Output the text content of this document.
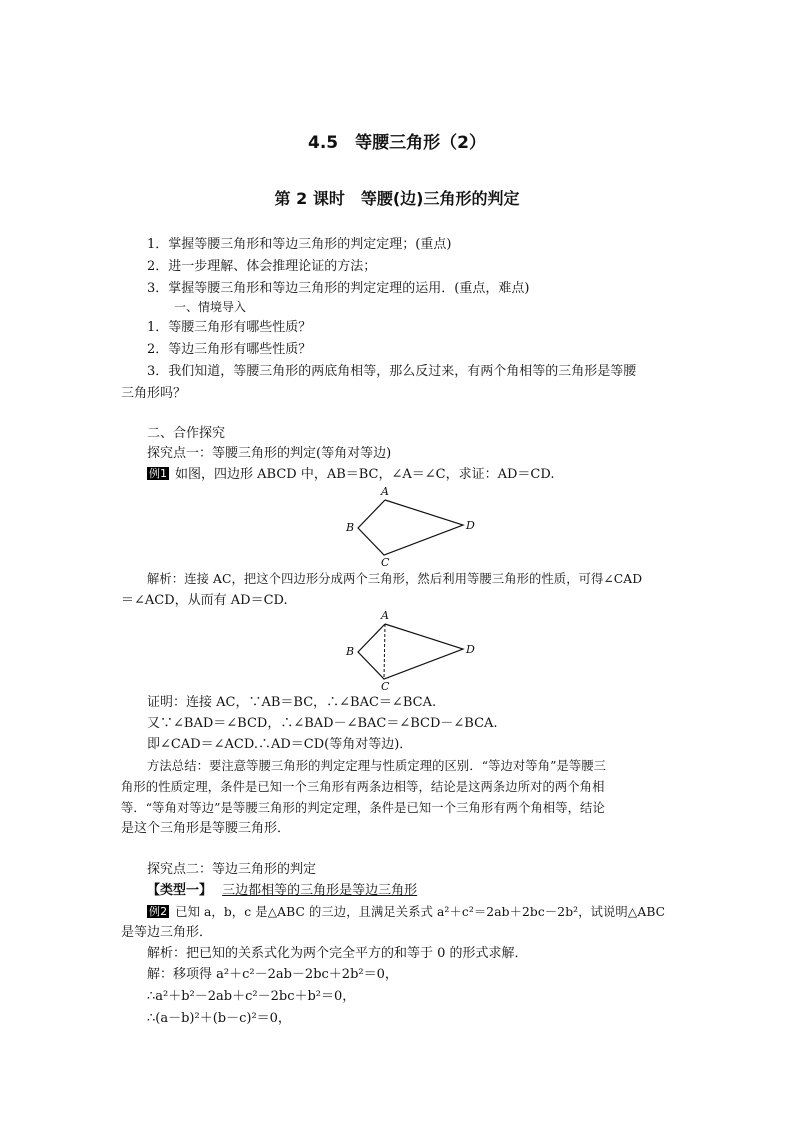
4.5　等腰三角形（2）
第 2 课时　等腰(边)三角形的判定
1．掌握等腰三角形和等边三角形的判定定理；(重点)
2．进一步理解、体会推理论证的方法；
3．掌握等腰三角形和等边三角形的判定定理的运用．(重点，难点)
一、情境导入
1．等腰三角形有哪些性质？
2．等边三角形有哪些性质？
3．我们知道，等腰三角形的两底角相等，那么反过来，有两个角相等的三角形是等腰
三角形吗？
二、合作探究
探究点一：等腰三角形的判定(等角对等边)
例1 如图，四边形 ABCD 中，AB＝BC，∠A＝∠C，求证：AD＝CD.
A
B
C
D
解析：连接 AC，把这个四边形分成两个三角形，然后利用等腰三角形的性质，可得∠CAD
＝∠ACD，从而有 AD＝CD.
A
B
C
D
证明：连接 AC，∵AB＝BC，∴∠BAC＝∠BCA.
又∵∠BAD＝∠BCD，∴∠BAD－∠BAC＝∠BCD－∠BCA.
即∠CAD＝∠ACD.∴AD＝CD(等角对等边)．
方法总结：要注意等腰三角形的判定定理与性质定理的区别．“等边对等角”是等腰三
角形的性质定理，条件是已知一个三角形有两条边相等，结论是这两条边所对的两个角相
等．“等角对等边”是等腰三角形的判定定理，条件是已知一个三角形有两个角相等，结论
是这个三角形是等腰三角形．
探究点二：等边三角形的判定
【类型一】 三边都相等的三角形是等边三角形
例2 已知 a，b，c 是△ABC 的三边，且满足关系式 a²＋c²＝2ab＋2bc－2b²，试说明△ABC
是等边三角形．
解析：把已知的关系式化为两个完全平方的和等于 0 的形式求解．
解：移项得 a²＋c²－2ab－2bc＋2b²＝0，
∴a²＋b²－2ab＋c²－2bc＋b²＝0，
∴(a－b)²＋(b－c)²＝0，
